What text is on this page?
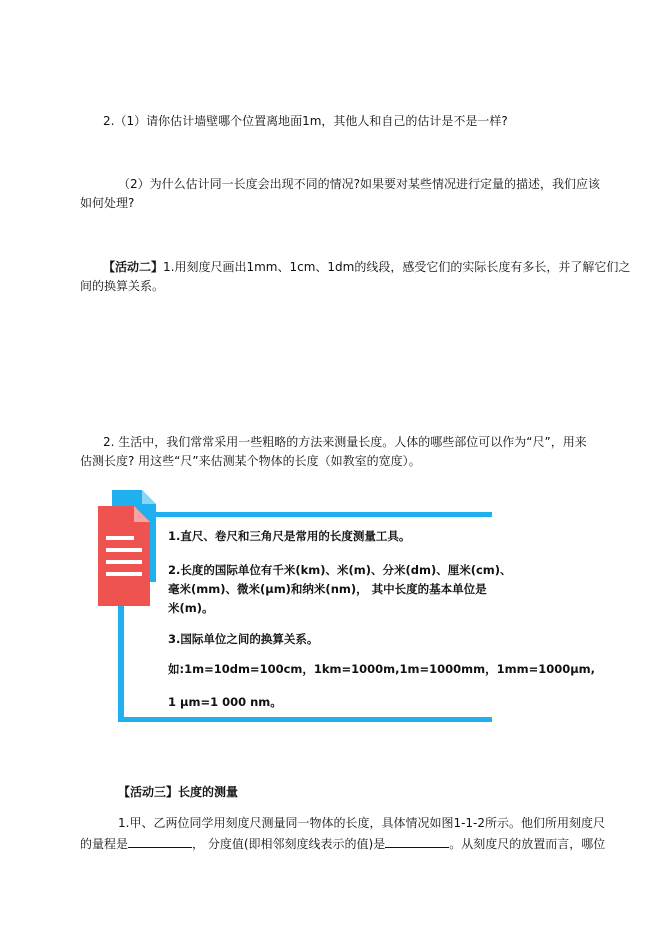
2.（1）请你估计墙壁哪个位置离地面1m，其他人和自己的估计是不是一样?
（2）为什么估计同一长度会出现不同的情况?如果要对某些情况进行定量的描述，我们应该
如何处理?
【活动二】1.用刻度尺画出1mm、1cm、1dm的线段，感受它们的实际长度有多长，并了解它们之
间的换算关系。
2. 生活中，我们常常采用一些粗略的方法来测量长度。人体的哪些部位可以作为“尺”，用来
估测长度? 用这些“尺”来估测某个物体的长度（如教室的宽度）。
1.直尺、卷尺和三角尺是常用的长度测量工具。
2.长度的国际单位有千米(km)、米(m)、分米(dm)、厘米(cm)、
毫米(mm)、微米(μm)和纳米(nm)， 其中长度的基本单位是
米(m)。
3.国际单位之间的换算关系。
如:1m=10dm=100cm，1km=1000m,1m=1000mm，1mm=1000μm,
1 μm=1 000 nm。
【活动三】长度的测量
1.甲、乙两位同学用刻度尺测量同一物体的长度，具体情况如图1-1-2所示。他们所用刻度尺
的量程是	， 分度值(即相邻刻度线表示的值)是	。从刻度尺的放置而言，哪位
